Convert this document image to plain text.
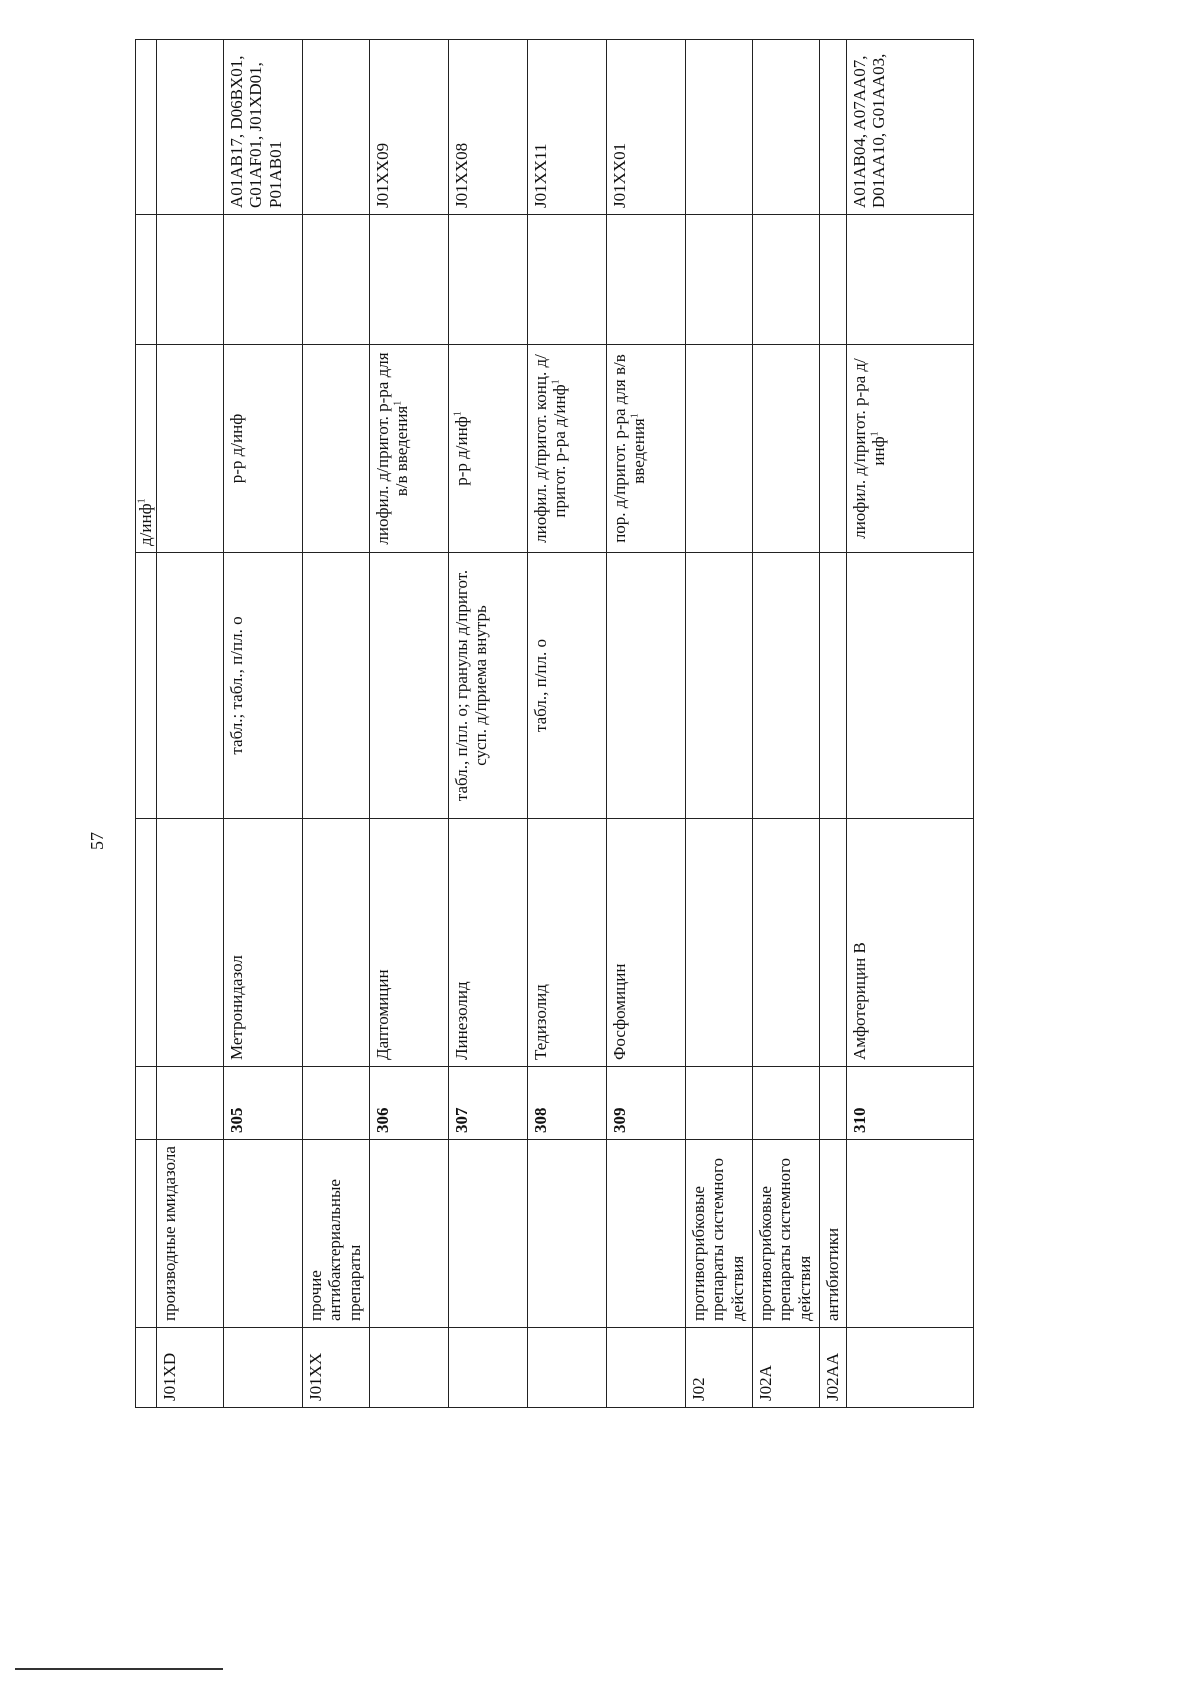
57
					д/инф$^1$		
J01XD	производные имидазола						
		305	Метронидазол	табл.; табл., п/пл. о	р-р д/инф		A01AB17, D06BX01, G01AF01, J01XD01, P01AB01
J01XX	прочие антибактериальные препараты						
		306	Даптомицин		лиофил. д/пригот. р-ра для в/в введения$^1$		J01XX09
		307	Линезолид	табл., п/пл. о; гранулы д/пригот. сусп. д/приема внутрь	р-р д/инф$^1$		J01XX08
		308	Тедизолид	табл., п/пл. о	лиофил. д/пригот. конц. д/пригот. р-ра д/инф$^1$		J01XX11
		309	Фосфомицин		пор. д/пригот. р-ра для в/в введения$^1$		J01XX01
J02	противогрибковые препараты системного действия						
J02A	противогрибковые препараты системного действия						
J02AA	антибиотики						
		310	Амфотерицин В		лиофил. д/пригот. р-ра д/инф$^1$		A01AB04, A07AA07, D01AA10, G01AA03,
